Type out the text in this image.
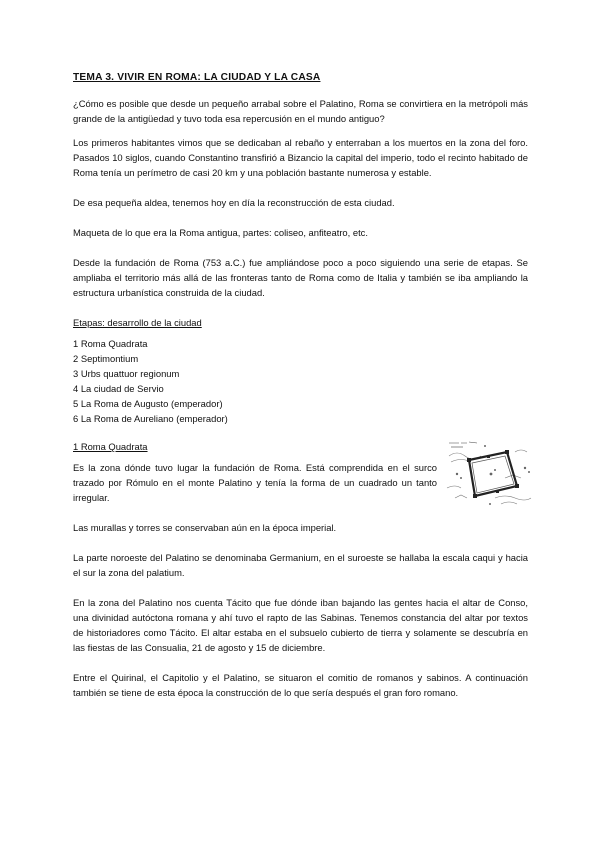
TEMA 3. VIVIR EN ROMA: LA CIUDAD Y LA CASA

¿Cómo es posible que desde un pequeño arrabal sobre el Palatino, Roma se convirtiera en la metrópoli más grande de la antigüedad y tuvo toda esa repercusión en el mundo antiguo?

Los primeros habitantes vimos que se dedicaban al rebaño y enterraban a los muertos en la zona del foro. Pasados 10 siglos, cuando Constantino transfirió a Bizancio la capital del imperio, todo el recinto habitado de Roma tenía un perímetro de casi 20 km y una población bastante numerosa y estable.

De esa pequeña aldea, tenemos hoy en día la reconstrucción de esta ciudad.

Maqueta de lo que era la Roma antigua, partes: coliseo, anfiteatro, etc.

Desde la fundación de Roma (753 a.C.) fue ampliándose poco a poco siguiendo una serie de etapas. Se ampliaba el territorio más allá de las fronteras tanto de Roma como de Italia y también se iba ampliando la estructura urbanística construida de la ciudad.

Etapas: desarrollo de la ciudad
1 Roma Quadrata
2 Septimontium
3 Urbs quattuor regionum
4 La ciudad de Servio
5 La Roma de Augusto (emperador)
6 La Roma de Aureliano (emperador)
1 Roma Quadrata

Es la zona dónde tuvo lugar la fundación de Roma. Está comprendida en el surco trazado por Rómulo en el monte Palatino y tenía la forma de un cuadrado un tanto irregular.

Las murallas y torres se conservaban aún en la época imperial.

La parte noroeste del Palatino se denominaba Germanium, en el suroeste se hallaba la escala caqui y hacia el sur la zona del palatium.

En la zona del Palatino nos cuenta Tácito que fue dónde iban bajando las gentes hacia el altar de Conso, una divinidad autóctona romana y ahí tuvo el rapto de las Sabinas. Tenemos constancia del altar por textos de historiadores como Tácito. El altar estaba en el subsuelo cubierto de tierra y solamente se descubría en las fiestas de las Consualia, 21 de agosto y 15 de diciembre.

Entre el Quirinal, el Capitolio y el Palatino, se situaron el comitio de romanos y sabinos. A continuación también se tiene de esta época la construcción de lo que sería después el gran foro romano.
